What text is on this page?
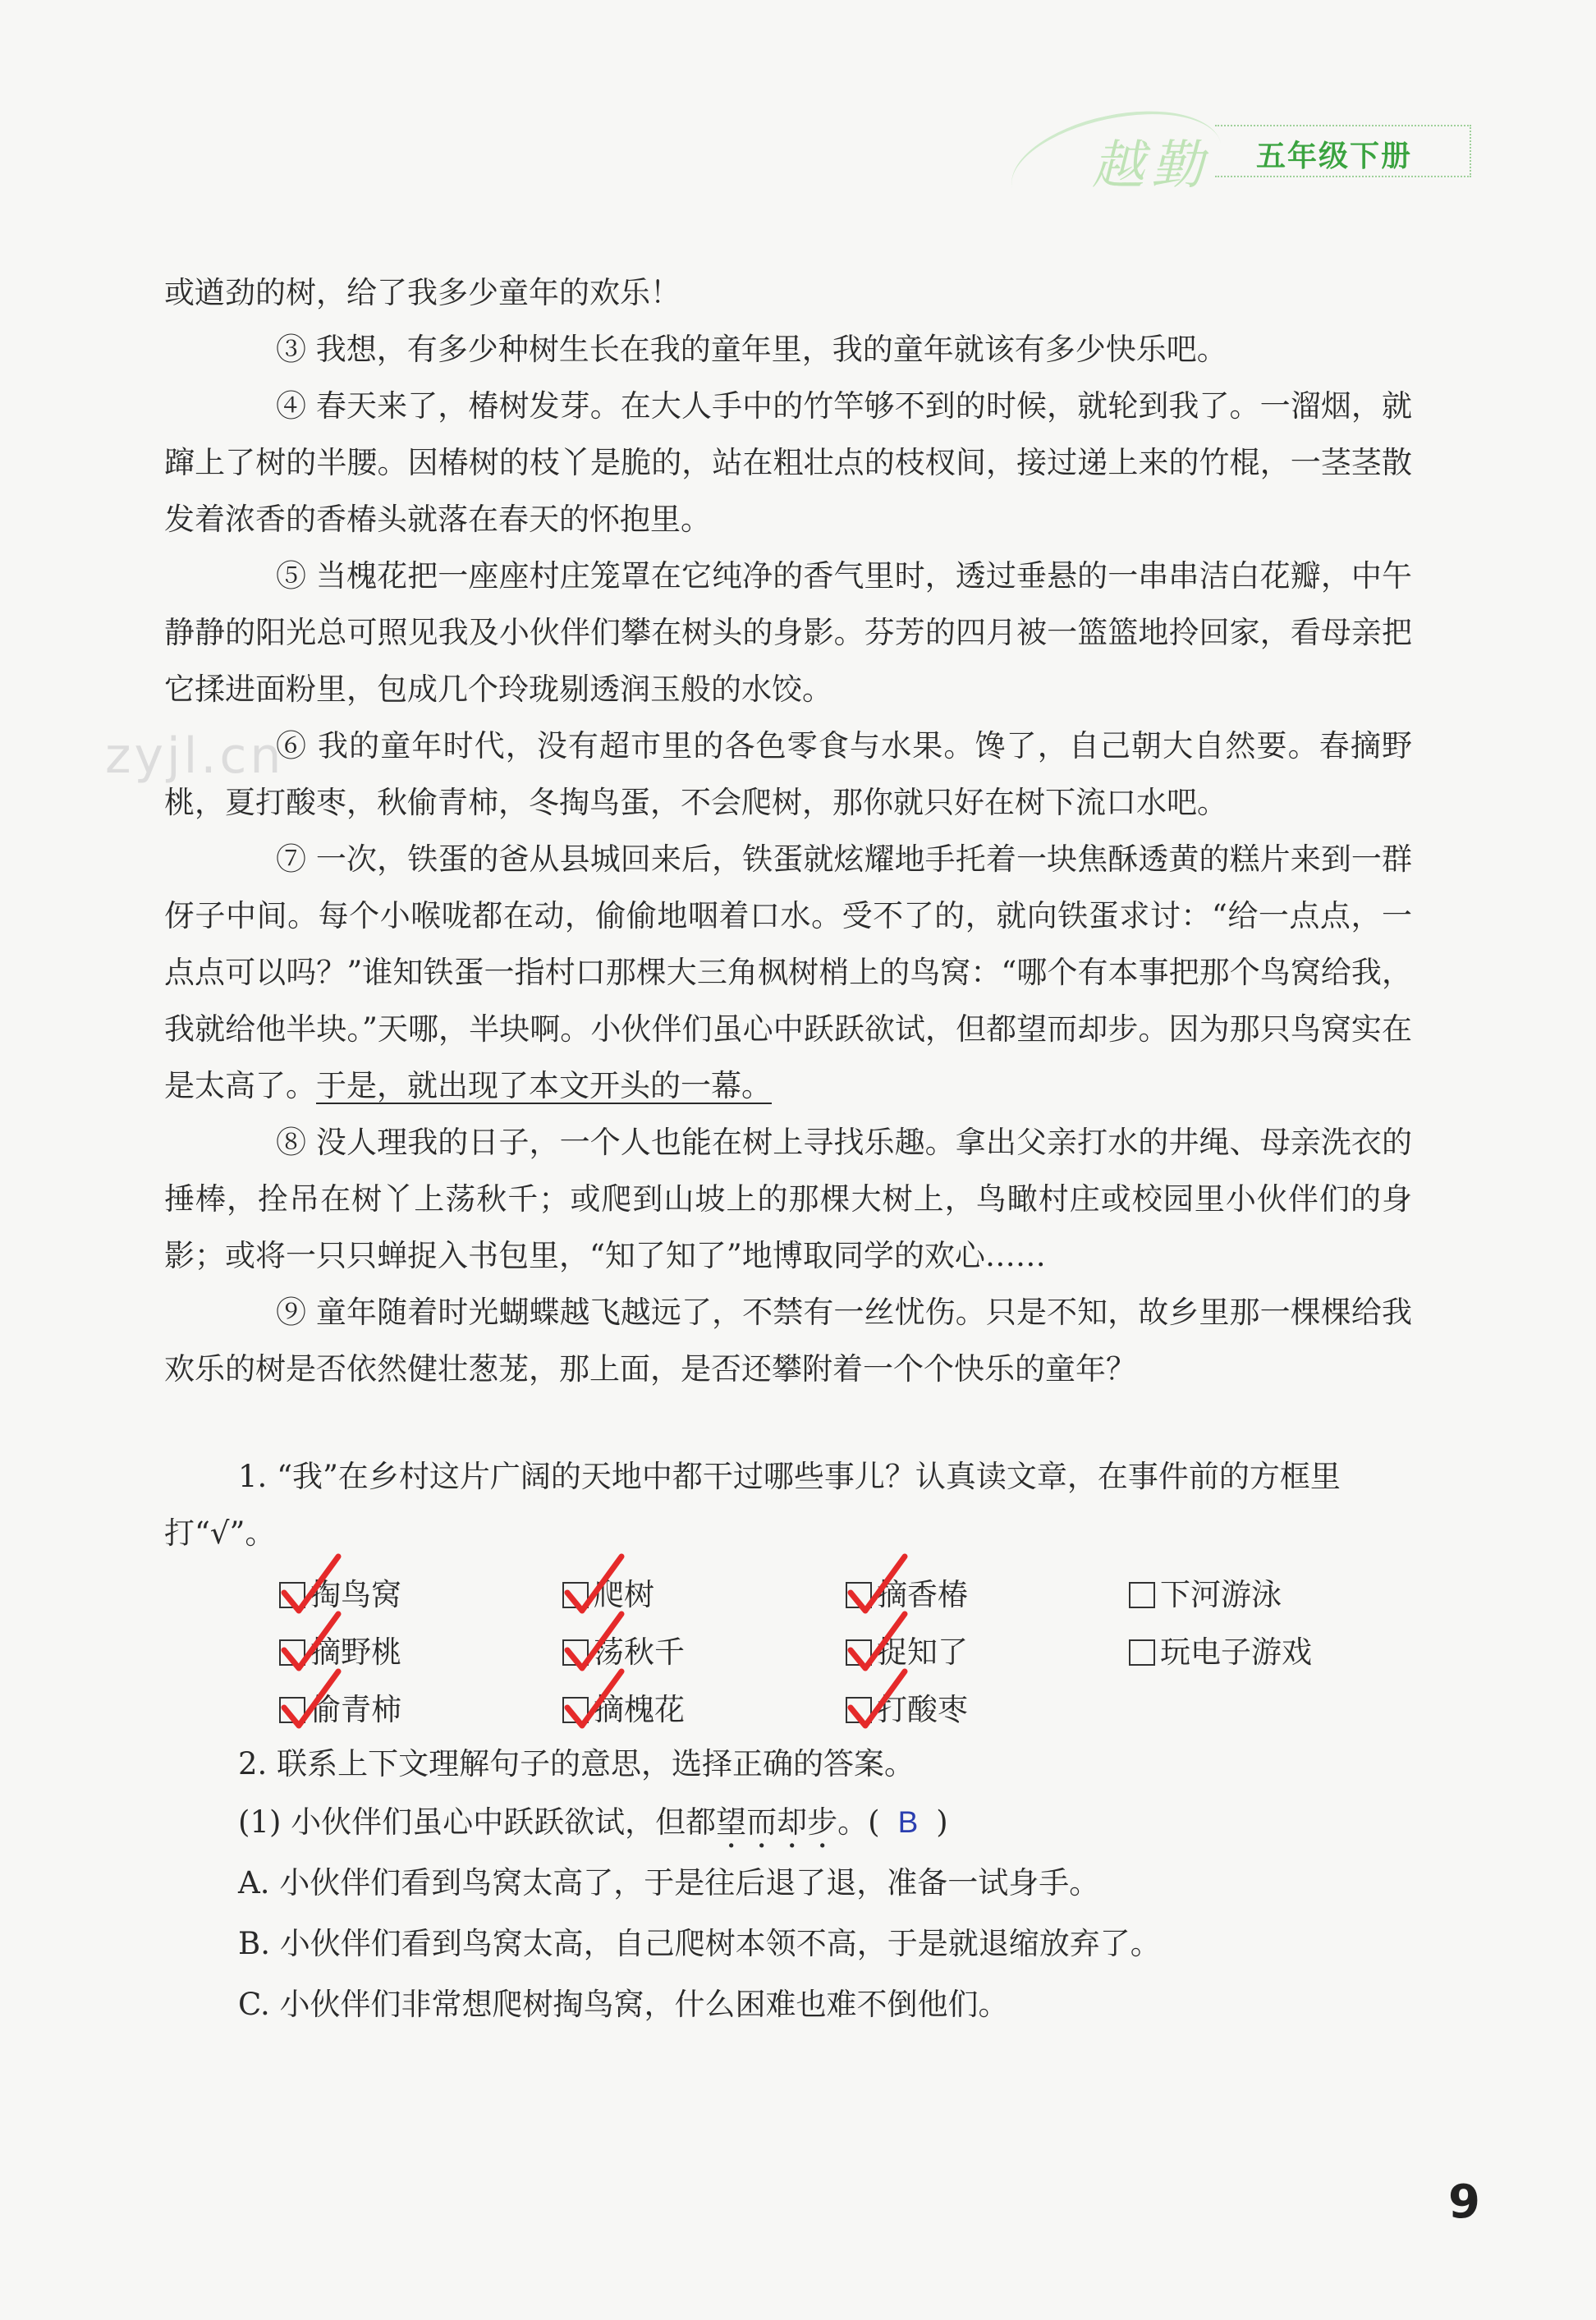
越勤 五年级下册
zyjl.cn

或遒劲的树，给了我多少童年的欢乐！

③ 我想，有多少种树生长在我的童年里，我的童年就该有多少快乐吧。

④ 春天来了，椿树发芽。在大人手中的竹竿够不到的时候，就轮到我了。一溜烟，就蹿上了树的半腰。因椿树的枝丫是脆的，站在粗壮点的枝杈间，接过递上来的竹棍，一茎茎散发着浓香的香椿头就落在春天的怀抱里。

⑤ 当槐花把一座座村庄笼罩在它纯净的香气里时，透过垂悬的一串串洁白花瓣，中午静静的阳光总可照见我及小伙伴们攀在树头的身影。芬芳的四月被一篮篮地拎回家，看母亲把它揉进面粉里，包成几个玲珑剔透润玉般的水饺。

⑥ 我的童年时代，没有超市里的各色零食与水果。馋了，自己朝大自然要。春摘野桃，夏打酸枣，秋偷青柿，冬掏鸟蛋，不会爬树，那你就只好在树下流口水吧。

⑦ 一次，铁蛋的爸从县城回来后，铁蛋就炫耀地手托着一块焦酥透黄的糕片来到一群伢子中间。每个小喉咙都在动，偷偷地咽着口水。受不了的，就向铁蛋求讨：“给一点点，一点点可以吗？”谁知铁蛋一指村口那棵大三角枫树梢上的鸟窝：“哪个有本事把那个鸟窝给我，我就给他半块。”天哪，半块啊。小伙伴们虽心中跃跃欲试，但都望而却步。因为那只鸟窝实在是太高了。于是，就出现了本文开头的一幕。

⑧ 没人理我的日子，一个人也能在树上寻找乐趣。拿出父亲打水的井绳、母亲洗衣的捶棒，拴吊在树丫上荡秋千；或爬到山坡上的那棵大树上，鸟瞰村庄或校园里小伙伴们的身影；或将一只只蝉捉入书包里，“知了知了”地博取同学的欢心……

⑨ 童年随着时光蝴蝶越飞越远了，不禁有一丝忧伤。只是不知，故乡里那一棵棵给我欢乐的树是否依然健壮葱茏，那上面，是否还攀附着一个个快乐的童年？

1. “我”在乡村这片广阔的天地中都干过哪些事儿？认真读文章，在事件前的方框里打“√”。

掏鸟窝	爬树	摘香椿	下河游泳
摘野桃	荡秋千	捉知了	玩电子游戏
偷青柿	摘槐花	打酸枣

2. 联系上下文理解句子的意思，选择正确的答案。

(1) 小伙伴们虽心中跃跃欲试，但都望而却步。( B )

A. 小伙伴们看到鸟窝太高了，于是往后退了退，准备一试身手。

B. 小伙伴们看到鸟窝太高，自己爬树本领不高，于是就退缩放弃了。

C. 小伙伴们非常想爬树掏鸟窝，什么困难也难不倒他们。

9
